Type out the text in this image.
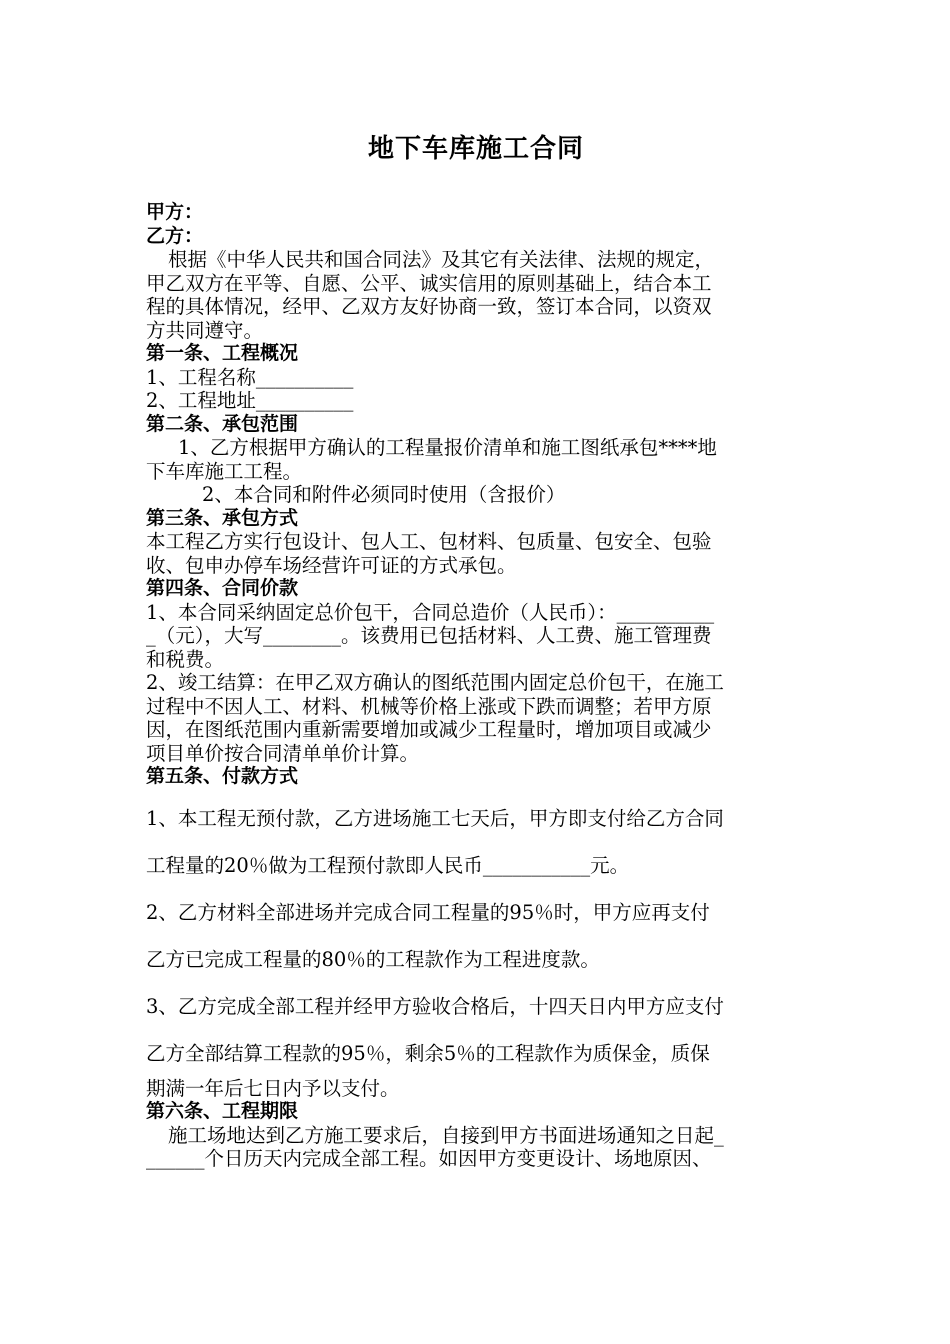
地下车库施工合同

甲方：

乙方：

根据《中华人民共和国合同法》及其它有关法律、法规的规定，

甲乙双方在平等、自愿、公平、诚实信用的原则基础上，结合本工

程的具体情况，经甲、乙双方友好协商一致，签订本合同，以资双

方共同遵守。

第一条、工程概况

1、工程名称__________

2、工程地址__________

第二条、承包范围

1、乙方根据甲方确认的工程量报价清单和施工图纸承包****地

下车库施工工程。

2、本合同和附件必须同时使用（含报价）

第三条、承包方式

本工程乙方实行包设计、包人工、包材料、包质量、包安全、包验

收、包申办停车场经营许可证的方式承包。

第四条、合同价款

1、本合同采纳固定总价包干，合同总造价（人民币）：__________

_（元），大写________。该费用已包括材料、人工费、施工管理费

和税费。

2、竣工结算：在甲乙双方确认的图纸范围内固定总价包干，在施工

过程中不因人工、材料、机械等价格上涨或下跌而调整；若甲方原

因，在图纸范围内重新需要增加或减少工程量时，增加项目或减少

项目单价按合同清单单价计算。

第五条、付款方式

1、本工程无预付款，乙方进场施工七天后，甲方即支付给乙方合同

工程量的20％做为工程预付款即人民币___________元。

2、乙方材料全部进场并完成合同工程量的95％时，甲方应再支付

乙方已完成工程量的80％的工程款作为工程进度款。

3、乙方完成全部工程并经甲方验收合格后，十四天日内甲方应支付

乙方全部结算工程款的95％，剩余5％的工程款作为质保金，质保

期满一年后七日内予以支付。

第六条、工程期限

施工场地达到乙方施工要求后，自接到甲方书面进场通知之日起_

______个日历天内完成全部工程。如因甲方变更设计、场地原因、
